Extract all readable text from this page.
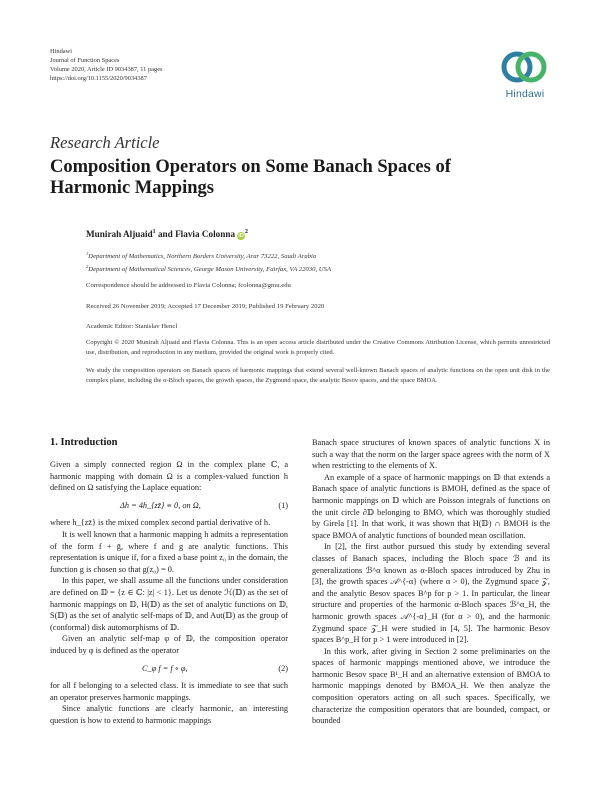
Hindawi
Journal of Function Spaces
Volume 2020, Article ID 9034387, 11 pages
https://doi.org/10.1155/2020/9034387
Hindawi
Research Article
Composition Operators on Some Banach Spaces of Harmonic Mappings
Munirah Aljuaid$^1$ and Flavia Colonna $iD^2$
$^1$Department of Mathematics, Northern Borders University, Arar 73222, Saudi Arabia
$^2$Department of Mathematical Sciences, George Mason University, Fairfax, VA 22030, USA
Correspondence should be addressed to Flavia Colonna; fcolonna@gmu.edu
Received 26 November 2019; Accepted 17 December 2019; Published 19 February 2020
Academic Editor: Stanislav Hencl
Copyright © 2020 Munirah Aljuaid and Flavia Colonna. This is an open access article distributed under the Creative Commons Attribution License, which permits unrestricted use, distribution, and reproduction in any medium, provided the original work is properly cited.
We study the composition operators on Banach spaces of harmonic mappings that extend several well-known Banach spaces of analytic functions on the open unit disk in the complex plane, including the α-Bloch spaces, the growth spaces, the Zygmund space, the analytic Besov spaces, and the space BMOA.
1. Introduction

Given a simply connected region Ω in the complex plane ℂ, a harmonic mapping with domain Ω is a complex-valued function h defined on Ω satisfying the Laplace equation:

Δh = 4h_{zz̄} ≡ 0, on Ω,	(1)

where h_{zz̄} is the mixed complex second partial derivative of h.

It is well known that a harmonic mapping h admits a representation of the form f + ḡ, where f and g are analytic functions. This representation is unique if, for a fixed a base point z₀ in the domain, the function g is chosen so that g(z₀) = 0.

In this paper, we shall assume all the functions under consideration are defined on 𝔻 = {z ∈ ℂ: |z| < 1}. Let us denote ℋ(𝔻) as the set of harmonic mappings on 𝔻, H(𝔻) as the set of analytic functions on 𝔻, S(𝔻) as the set of analytic self-maps of 𝔻, and Aut(𝔻) as the group of (conformal) disk automorphisms of 𝔻.

Given an analytic self-map φ of 𝔻, the composition operator induced by φ is defined as the operator

C_φ f = f ∘ φ,	(2)

for all f belonging to a selected class. It is immediate to see that such an operator preserves harmonic mappings.

Since analytic functions are clearly harmonic, an interesting question is how to extend to harmonic mappings

Banach space structures of known spaces of analytic functions X in such a way that the norm on the larger space agrees with the norm of X when restricting to the elements of X.

An example of a space of harmonic mappings on 𝔻 that extends a Banach space of analytic functions is BMOH, defined as the space of harmonic mappings on 𝔻 which are Poisson integrals of functions on the unit circle ∂𝔻 belonging to BMO, which was thoroughly studied by Girela [1]. In that work, it was shown that H(𝔻) ∩ BMOH is the space BMOA of analytic functions of bounded mean oscillation.

In [2], the first author pursued this study by extending several classes of Banach spaces, including the Bloch space ℬ and its generalizations ℬ^α known as α-Bloch spaces introduced by Zhu in [3], the growth spaces 𝒜^{-α} (where α > 0), the Zygmund space 𝒵, and the analytic Besov spaces B^p for p > 1. In particular, the linear structure and properties of the harmonic α-Bloch spaces ℬ^α_H, the harmonic growth spaces 𝒜^{-α}_H (for α > 0), and the harmonic Zygmund space 𝒵_H were studied in [4, 5]. The harmonic Besov spaces B^p_H for p > 1 were introduced in [2].

In this work, after giving in Section 2 some preliminaries on the spaces of harmonic mappings mentioned above, we introduce the harmonic Besov space B¹_H and an alternative extension of BMOA to harmonic mappings denoted by BMOA_H. We then analyze the composition operators acting on all such spaces. Specifically, we characterize the composition operators that are bounded, compact, or bounded
